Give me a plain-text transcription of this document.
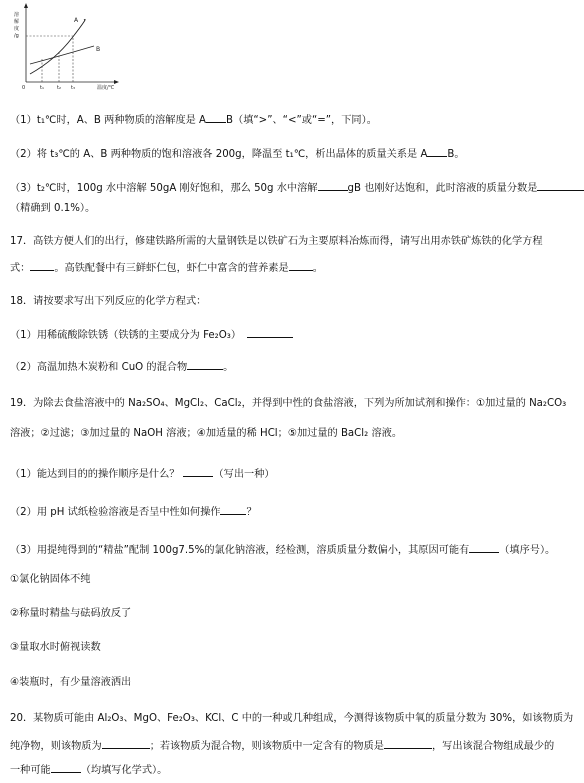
溶
解
度
/g
温度/℃
0	t₁	t₂ t₃
A
B
（1）t₁℃时，A、B 两种物质的溶解度是 A B（填“>”、“<”或“=”，下同）。
（2）将 t₃℃的 A、B 两种物质的饱和溶液各 200g，降温至 t₁℃，析出晶体的质量关系是 A B。
（3）t₂℃时，100g 水中溶解 50gA 刚好饱和，那么 50g 水中溶解	gB 也刚好达饱和，此时溶液的质量分数是
（精确到 0.1%）。
17．高铁方便人们的出行，修建铁路所需的大量钢铁是以铁矿石为主要原料冶炼而得，请写出用赤铁矿炼铁的化学方程
式： 。高铁配餐中有三鲜虾仁包，虾仁中富含的营养素是 。
18．请按要求写出下列反应的化学方程式：
（1）用稀硫酸除铁锈（铁锈的主要成分为 Fe₂O₃）
（2）高温加热木炭粉和 CuO 的混合物	。
19．为除去食盐溶液中的 Na₂SO₄、MgCl₂、CaCl₂，并得到中性的食盐溶液，下列为所加试剂和操作：①加过量的 Na₂CO₃
溶液；②过滤；③加过量的 NaOH 溶液；④加适量的稀 HCl；⑤加过量的 BaCl₂ 溶液。
（1）能达到目的的操作顺序是什么？	（写出一种）
（2）用 pH 试纸检验溶液是否呈中性如何操作	？
（3）用提纯得到的“精盐”配制 100g7.5%的氯化钠溶液，经检测，溶质质量分数偏小，其原因可能有	（填序号）。
①氯化钠固体不纯
②称量时精盐与砝码放反了
③量取水时俯视读数
④装瓶时，有少量溶液洒出
20．某物质可能由 Al₂O₃、MgO、Fe₂O₃、KCl、C 中的一种或几种组成，今测得该物质中氧的质量分数为 30%，如该物质为
纯净物，则该物质为	；若该物质为混合物，则该物质中一定含有的物质是	，写出该混合物组成最少的
一种可能	（均填写化学式）。
